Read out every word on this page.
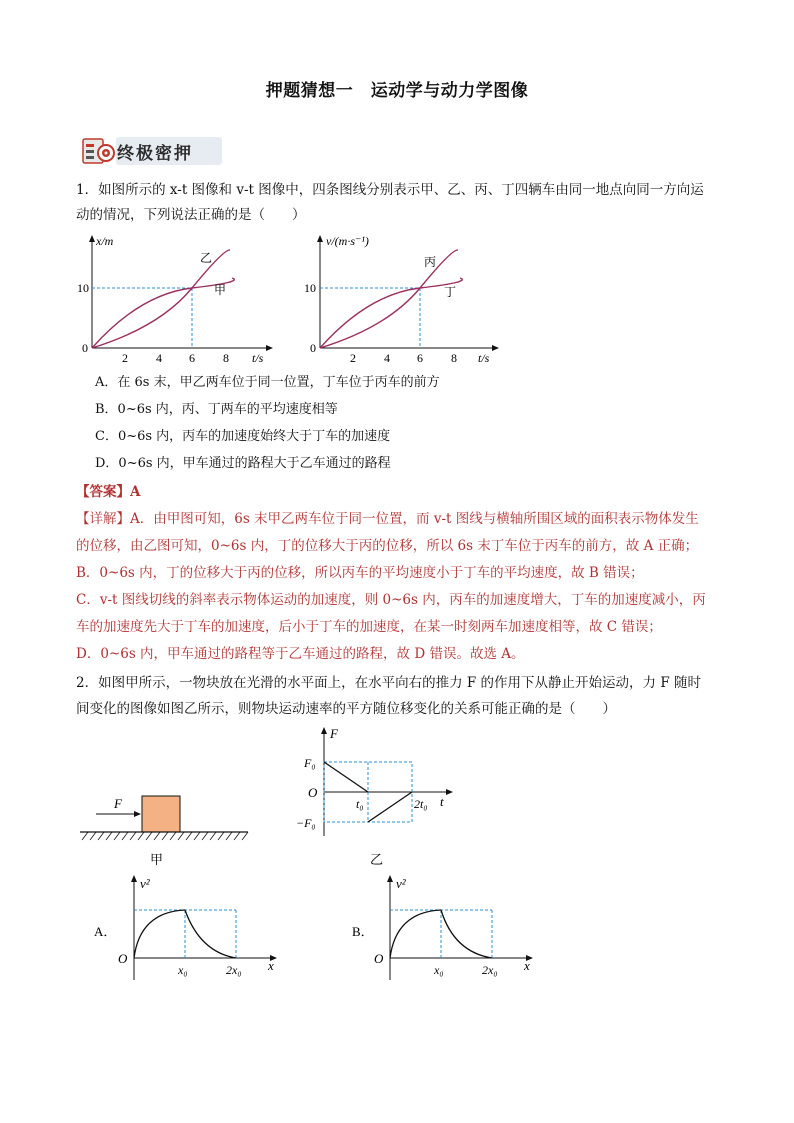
押题猜想一　运动学与动力学图像
终极密押
1．如图所示的 x-t 图像和 v-t 图像中，四条图线分别表示甲、乙、丙、丁四辆车由同一地点向同一方向运
动的情况，下列说法正确的是（　　）
x/m
t/s
0
10
2 4 6 8
乙
甲
v/(m·s⁻¹)
t/s
0
10
2 4 6 8
丙
丁
A．在 6s 末，甲乙两车位于同一位置，丁车位于丙车的前方
B．0~6s 内，丙、丁两车的平均速度相等
C．0~6s 内，丙车的加速度始终大于丁车的加速度
D．0~6s 内，甲车通过的路程大于乙车通过的路程
【答案】A
【详解】A．由甲图可知，6s 末甲乙两车位于同一位置，而 v-t 图线与横轴所围区域的面积表示物体发生
的位移，由乙图可知，0~6s 内，丁的位移大于丙的位移，所以 6s 末丁车位于丙车的前方，故 A 正确；
B．0~6s 内，丁的位移大于丙的位移，所以丙车的平均速度小于丁车的平均速度，故 B 错误；
C．v-t 图线切线的斜率表示物体运动的加速度，则 0~6s 内，丙车的加速度增大，丁车的加速度减小，丙
车的加速度先大于丁车的加速度，后小于丁车的加速度，在某一时刻两车加速度相等，故 C 错误；
D．0~6s 内，甲车通过的路程等于乙车通过的路程，故 D 错误。故选 A。
2．如图甲所示，一物块放在光滑的水平面上，在水平向右的推力 F 的作用下从静止开始运动，力 F 随时
间变化的图像如图乙所示，则物块运动速率的平方随位移变化的关系可能正确的是（　　）
F
甲
F
t
O
F₀
−F₀
t₀	2t₀
乙
A．
v²
x
O
x₀	2x₀
B．
v²
x
O
x₀	2x₀
